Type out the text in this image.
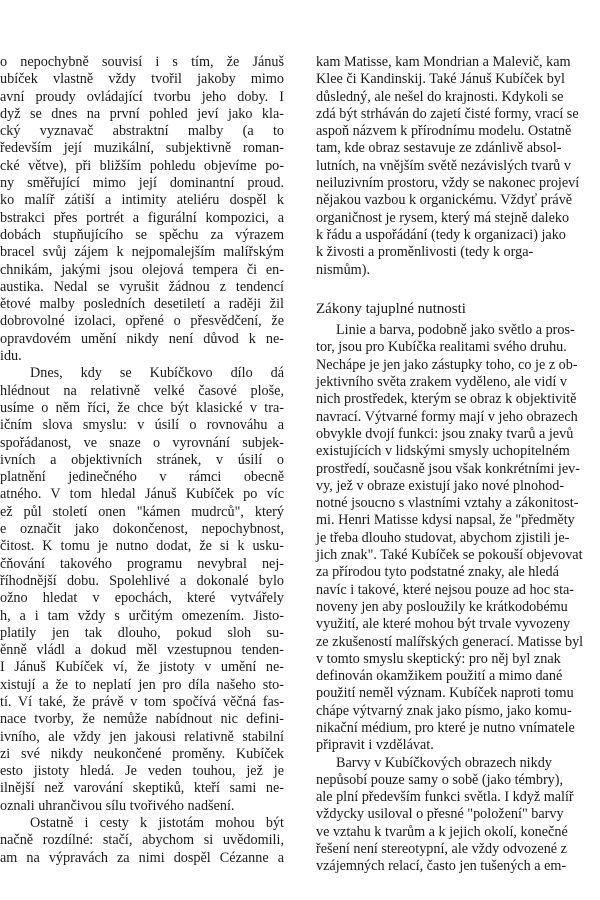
o nepochybně souvisí i s tím, že Jánuš
ubíček vlastně vždy tvořil jakoby mimo
avní proudy ovládající tvorbu jeho doby. I
dyž se dnes na první pohled jeví jako kla-
cký vyznavač abstraktní malby (a to
ředevším její muzikální, subjektivně roman-
cké větve), při bližším pohledu objevíme po-
ny směřující mimo její dominantní proud.
ko malíř zátiší a intimity ateliéru dospěl k
bstrakci přes portrét a figurální kompozici, a
dobách stupňujícího se spěchu za výrazem
bracel svůj zájem k nejpomalejším malířským
chnikám, jakými jsou olejová tempera či en-
austika. Nedal se vyrušit žádnou z tendencí
ětové malby posledních desetiletí a raději žil
dobrovolné izolaci, opřené o přesvědčení, že
opravdovém umění nikdy není důvod k ne-
idu.
Dnes, kdy se Kubíčkovo dílo dá
hlédnout na relativně velké časové ploše,
usíme o něm říci, že chce být klasické v tra-
ičním slova smyslu: v úsilí o rovnováhu a
spořádanost, ve snaze o vyrovnání subjek-
ivních a objektivních stránek, v úsilí o
platnění jedinečného v rámci obecně
atného. V tom hledal Jánuš Kubíček po víc
ež půl století onen "kámen mudrců", který
e označit jako dokončenost, nepochybnost,
čitost. K tomu je nutno dodat, že si k usku-
čňování takového programu nevybral nej-
říhodnější dobu. Spolehlivé a dokonalé bylo
ožno hledat v epochách, které vytvářely
h, a i tam vždy s určitým omezením. Jisto-
platily jen tak dlouho, pokud sloh su-
ěnně vládl a dokud měl vzestupnou tenden-
I Jánuš Kubíček ví, že jistoty v umění ne-
xistují a že to neplatí jen pro díla našeho sto-
tí. Ví také, že právě v tom spočívá věčná fas-
nace tvorby, že nemůže nabídnout nic defini-
ivního, ale vždy jen jakousi relativně stabilní
zi své nikdy neukončené proměny. Kubíček
esto jistoty hledá. Je veden touhou, jež je
ilnější než varování skeptiků, kteří sami ne-
oznali uhrančivou sílu tvořivého nadšení.
Ostatně i cesty k jistotám mohou být
načně rozdílné: stačí, abychom si uvědomili,
am na výpravách za nimi dospěl Cézanne a
kam Matisse, kam Mondrian a Malevič, kam
Klee či Kandinskij. Také Jánuš Kubíček byl
důsledný, ale nešel do krajnosti. Kdykoli se
zdá být strháván do zajetí čisté formy, vrací se
aspoň názvem k přírodnímu modelu. Ostatně
tam, kde obraz sestavuje ze zdánlivě absol-
lutních, na vnějším světě nezávislých tvarů v
neiluzivním prostoru, vždy se nakonec projeví
nějakou vazbou k organickému. Vždyť právě
organičnost je rysem, který má stejně daleko
k řádu a uspořádání (tedy k organizaci) jako
k živosti a proměnlivosti (tedy k orga-
nismům).
Zákony tajuplné nutnosti
Linie a barva, podobně jako světlo a pros-
tor, jsou pro Kubíčka realitami svého druhu.
Nechápe je jen jako zástupky toho, co je z ob-
jektivního světa zrakem vyděleno, ale vidí v
nich prostředek, kterým se obraz k objektivitě
navrací. Výtvarné formy mají v jeho obrazech
obvykle dvojí funkci: jsou znaky tvarů a jevů
existujících v lidskými smysly uchopitelném
prostředí, současně jsou však konkrétními jev-
vy, jež v obraze existují jako nové plnohod-
notné jsoucno s vlastními vztahy a zákonitost-
mi. Henri Matisse kdysi napsal, že "předměty
je třeba dlouho studovat, abychom zjistili je-
jich znak". Také Kubíček se pokouší objevovat
za přírodou tyto podstatné znaky, ale hledá
navíc i takové, které nejsou pouze ad hoc sta-
noveny jen aby posloužily ke krátkodobému
využití, ale které mohou být trvale vyvozeny
ze zkušeností malířských generací. Matisse byl
v tomto smyslu skeptický: pro něj byl znak
definován okamžikem použití a mimo dané
použití neměl význam. Kubíček naproti tomu
chápe výtvarný znak jako písmo, jako komu-
nikační médium, pro které je nutno vnímatele
připravit i vzdělávat.
Barvy v Kubíčkových obrazech nikdy
nepůsobí pouze samy o sobě (jako témbry),
ale plní především funkci světla. I když malíř
vždycky usiloval o přesné "položení" barvy
ve vztahu k tvarům a k jejich okolí, konečné
řešení není stereotypní, ale vždy odvozené z
vzájemných relací, často jen tušených a em-
